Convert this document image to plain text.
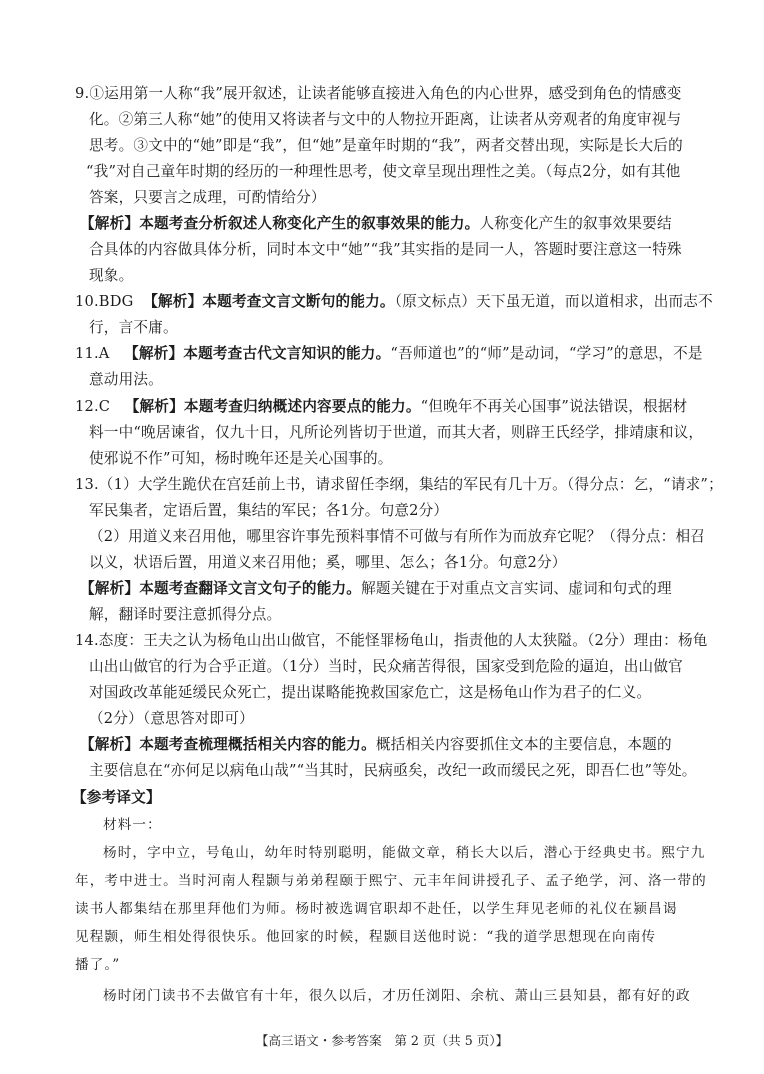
9.①运用第一人称“我”展开叙述，让读者能够直接进入角色的内心世界，感受到角色的情感变
化。②第三人称“她”的使用又将读者与文中的人物拉开距离，让读者从旁观者的角度审视与
思考。③文中的“她”即是“我”，但“她”是童年时期的“我”，两者交替出现，实际是长大后的
“我”对自己童年时期的经历的一种理性思考，使文章呈现出理性之美。（每点2分，如有其他
答案，只要言之成理，可酌情给分）
【解析】本题考查分析叙述人称变化产生的叙事效果的能力。人称变化产生的叙事效果要结
合具体的内容做具体分析，同时本文中“她”“我”其实指的是同一人，答题时要注意这一特殊
现象。
10.BDG 【解析】本题考查文言文断句的能力。（原文标点）天下虽无道，而以道相求，出而志不
行，言不庸。
11.A 【解析】本题考查古代文言知识的能力。“吾师道也”的“师”是动词，“学习”的意思，不是
意动用法。
12.C 【解析】本题考查归纳概述内容要点的能力。“但晚年不再关心国事”说法错误，根据材
料一中“晚居谏省，仅九十日，凡所论列皆切于世道，而其大者，则辟王氏经学，排靖康和议，
使邪说不作”可知，杨时晚年还是关心国事的。
13.（1）大学生跪伏在宫廷前上书，请求留任李纲，集结的军民有几十万。（得分点：乞，“请求”；
军民集者，定语后置，集结的军民；各1分。句意2分）
（2）用道义来召用他，哪里容许事先预料事情不可做与有所作为而放弃它呢？（得分点：相召
以义，状语后置，用道义来召用他；奚，哪里、怎么；各1分。句意2分）
【解析】本题考查翻译文言文句子的能力。解题关键在于对重点文言实词、虚词和句式的理
解，翻译时要注意抓得分点。
14.态度：王夫之认为杨龟山出山做官，不能怪罪杨龟山，指责他的人太狭隘。（2分）理由：杨龟
山出山做官的行为合乎正道。（1分）当时，民众痛苦得很，国家受到危险的逼迫，出山做官
对国政改革能延缓民众死亡，提出谋略能挽救国家危亡，这是杨龟山作为君子的仁义。
（2分）（意思答对即可）
【解析】本题考查梳理概括相关内容的能力。概括相关内容要抓住文本的主要信息，本题的
主要信息在“亦何足以病龟山哉”“当其时，民病亟矣，改纪一政而缓民之死，即吾仁也”等处。
【参考译文】
材料一：
杨时，字中立，号龟山，幼年时特别聪明，能做文章，稍长大以后，潜心于经典史书。熙宁九
年，考中进士。当时河南人程颢与弟弟程颐于熙宁、元丰年间讲授孔子、孟子绝学，河、洛一带的
读书人都集结在那里拜他们为师。杨时被选调官职却不赴任，以学生拜见老师的礼仪在颍昌谒
见程颢，师生相处得很快乐。他回家的时候，程颢目送他时说：“我的道学思想现在向南传
播了。”
杨时闭门读书不去做官有十年，很久以后，才历任浏阳、余杭、萧山三县知县，都有好的政
【高三语文・参考答案　第 2 页（共 5 页）】
